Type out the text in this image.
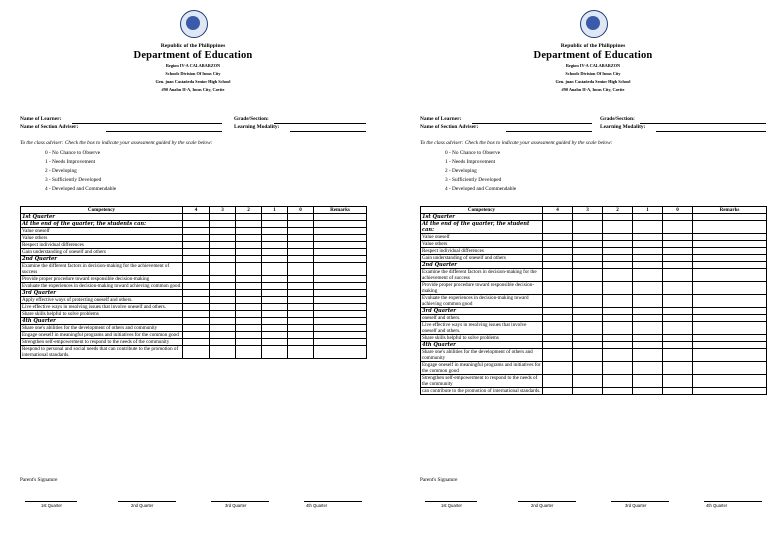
Republic of the Philippines
Department of Education
Region IV-A CALABARZON
Schools Division Of Imus City
Gen. juan Castañeda Senior High School
#90 Anabu II-A, Imus City, Cavite
Name of Learner:
Name of Section Adviser:
Grade/Section:
Learning Modality:
To the class adviser: Check the box to indicate your assessment guided by the scale below:
0 - No Chance to Observe
1 - Needs Improvement
2 - Developing
3 - Sufficiently Developed
4 - Developed and Commendable
Competency	4	3	2	1	0	Remarks
1st Quarter						
At the end of the quarter, the students can:						
Value oneself						
Value others						
Respect individual differences						
Gain understanding of oneself and others						
2nd Quarter						
Examine the different factors in decision-making for the achievement of success						
Provide proper procedure toward responsible decision-making						
Evaluate the experiences in decision-making toward achieving common good						
3rd Quarter						
Apply effective ways of protecting oneself and others.						
Live effective ways in resolving issues that involve oneself and others.						
Share skills helpful to solve problems						
4th Quarter						
Share one's abilities for the development of others and community						
Engage oneself in meaningful programs and initiatives for the common good						
Strengthen self-empowerment to respond to the needs of the community						
Respond to personal and social needs that can contribute to the promotion of international standards.						
Parent's Signature
1st Quarter	2nd Quarter	3rd Quarter	4th Quarter
Republic of the Philippines
Department of Education
Region IV-A CALABARZON
Schools Division Of Imus City
Gen. juan Castañeda Senior High School
#90 Anabu II-A, Imus City, Cavite
Name of Learner:
Name of Section Adviser:
Grade/Section:
Learning Modality:
To the class adviser: Check the box to indicate your assessment guided by the scale below:
0 - No Chance to Observe
1 - Needs Improvement
2 - Developing
3 - Sufficiently Developed
4 - Developed and Commendable
Competency	4	3	2	1	0	Remarks
1st Quarter						
At the end of the quarter, the student can:						
Value oneself						
Value others						
Respect individual differences						
Gain understanding of oneself and others						
2nd Quarter						
Examine the different factors in decision-making for the achievement of success						
Provide proper procedure toward responsible decision-making						
Evaluate the experiences in decision-making toward achieving common good						
3rd Quarter						
oneself and others.						
Live effective ways in resolving issues that involve oneself and others.						
Share skills helpful to solve problems						
4th Quarter						
Share one's abilities for the development of others and community						
Engage oneself in meaningful programs and initiatives for the common good						
Strengthen self-empowerment to respond to the needs of the community						
can contribute to the promotion of international standards.						
Parent's Signature
1st Quarter	2nd Quarter	3rd Quarter	4th Quarter
